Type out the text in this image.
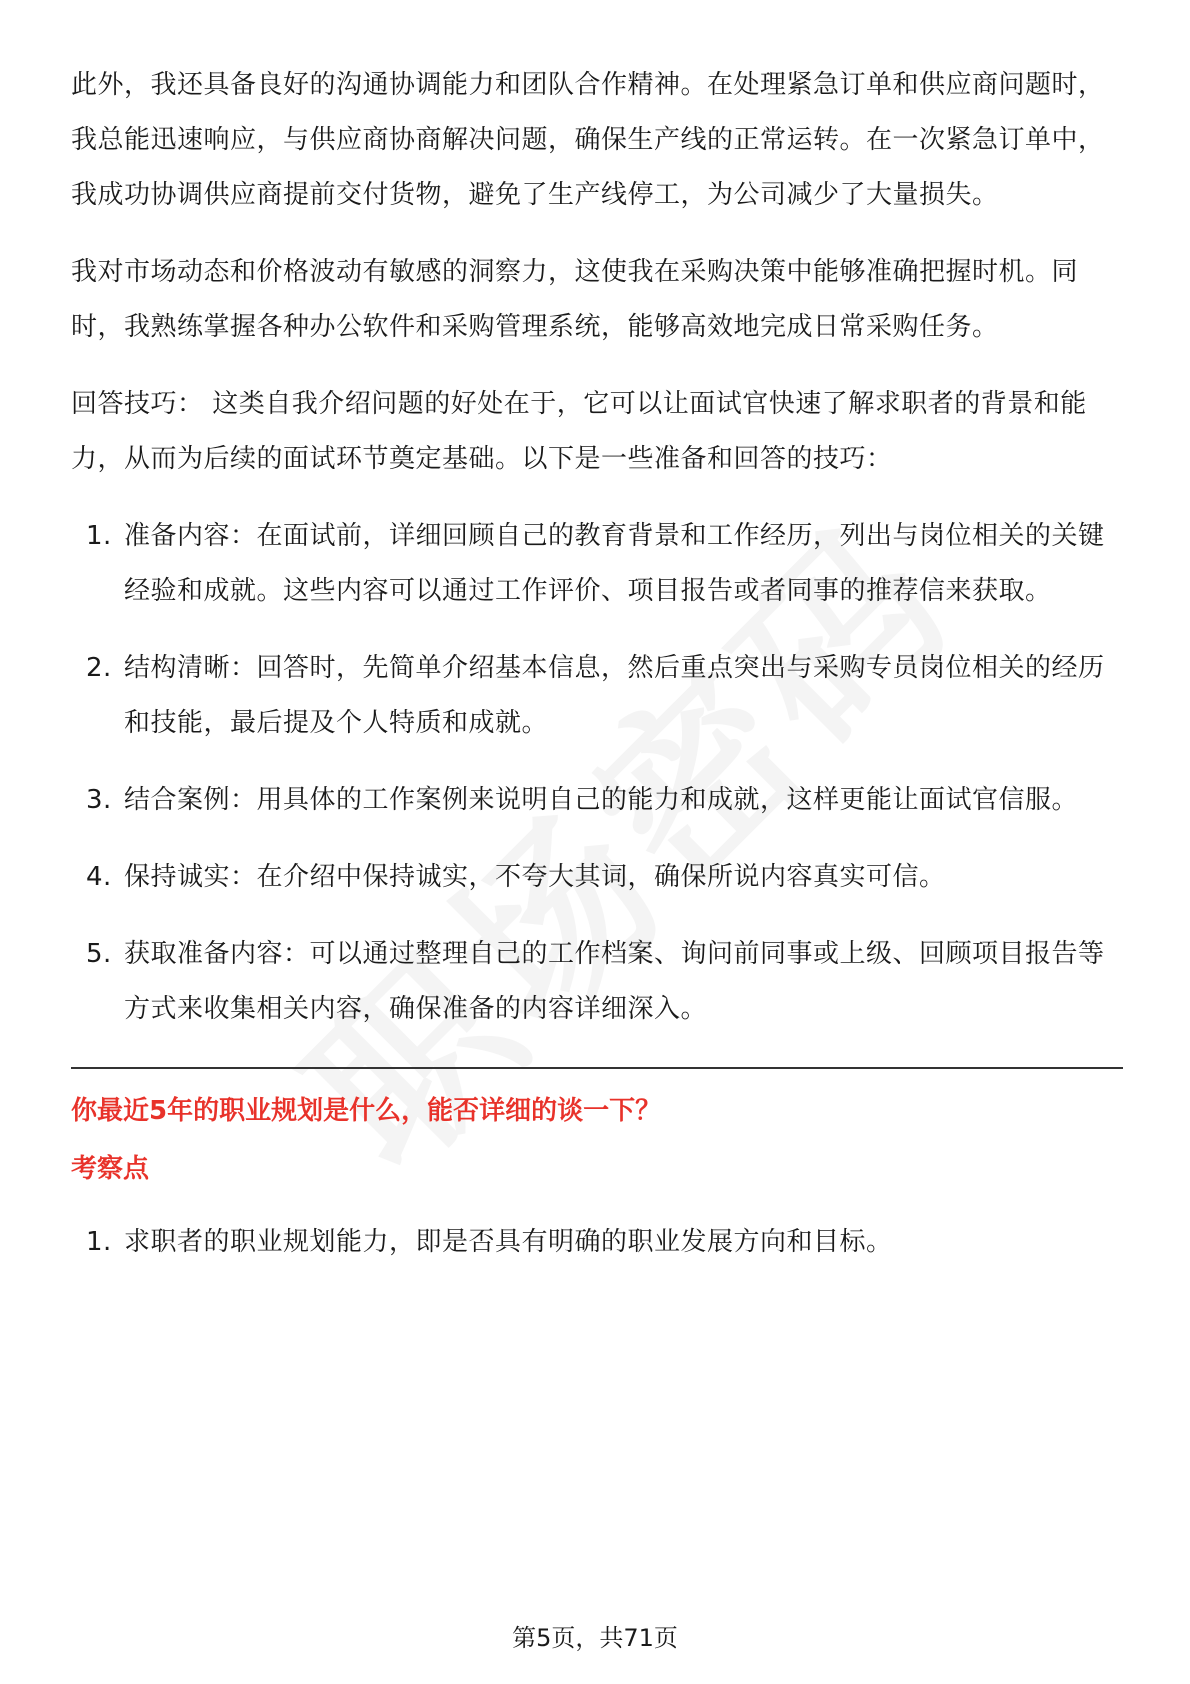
此外，我还具备良好的沟通协调能力和团队合作精神。在处理紧急订单和供应商问题时，我总能迅速响应，与供应商协商解决问题，确保生产线的正常运转。在一次紧急订单中，我成功协调供应商提前交付货物，避免了生产线停工，为公司减少了大量损失。

我对市场动态和价格波动有敏感的洞察力，这使我在采购决策中能够准确把握时机。同时，我熟练掌握各种办公软件和采购管理系统，能够高效地完成日常采购任务。

回答技巧： 这类自我介绍问题的好处在于，它可以让面试官快速了解求职者的背景和能力，从而为后续的面试环节奠定基础。以下是一些准备和回答的技巧：

1. 准备内容：在面试前，详细回顾自己的教育背景和工作经历，列出与岗位相关的关键经验和成就。这些内容可以通过工作评价、项目报告或者同事的推荐信来获取。
2. 结构清晰：回答时，先简单介绍基本信息，然后重点突出与采购专员岗位相关的经历和技能，最后提及个人特质和成就。
3. 结合案例：用具体的工作案例来说明自己的能力和成就，这样更能让面试官信服。
4. 保持诚实：在介绍中保持诚实，不夸大其词，确保所说内容真实可信。
5. 获取准备内容：可以通过整理自己的工作档案、询问前同事或上级、回顾项目报告等方式来收集相关内容，确保准备的内容详细深入。
你最近5年的职业规划是什么，能否详细的谈一下？
考察点
1. 求职者的职业规划能力，即是否具有明确的职业发展方向和目标。
第5页，共71页
